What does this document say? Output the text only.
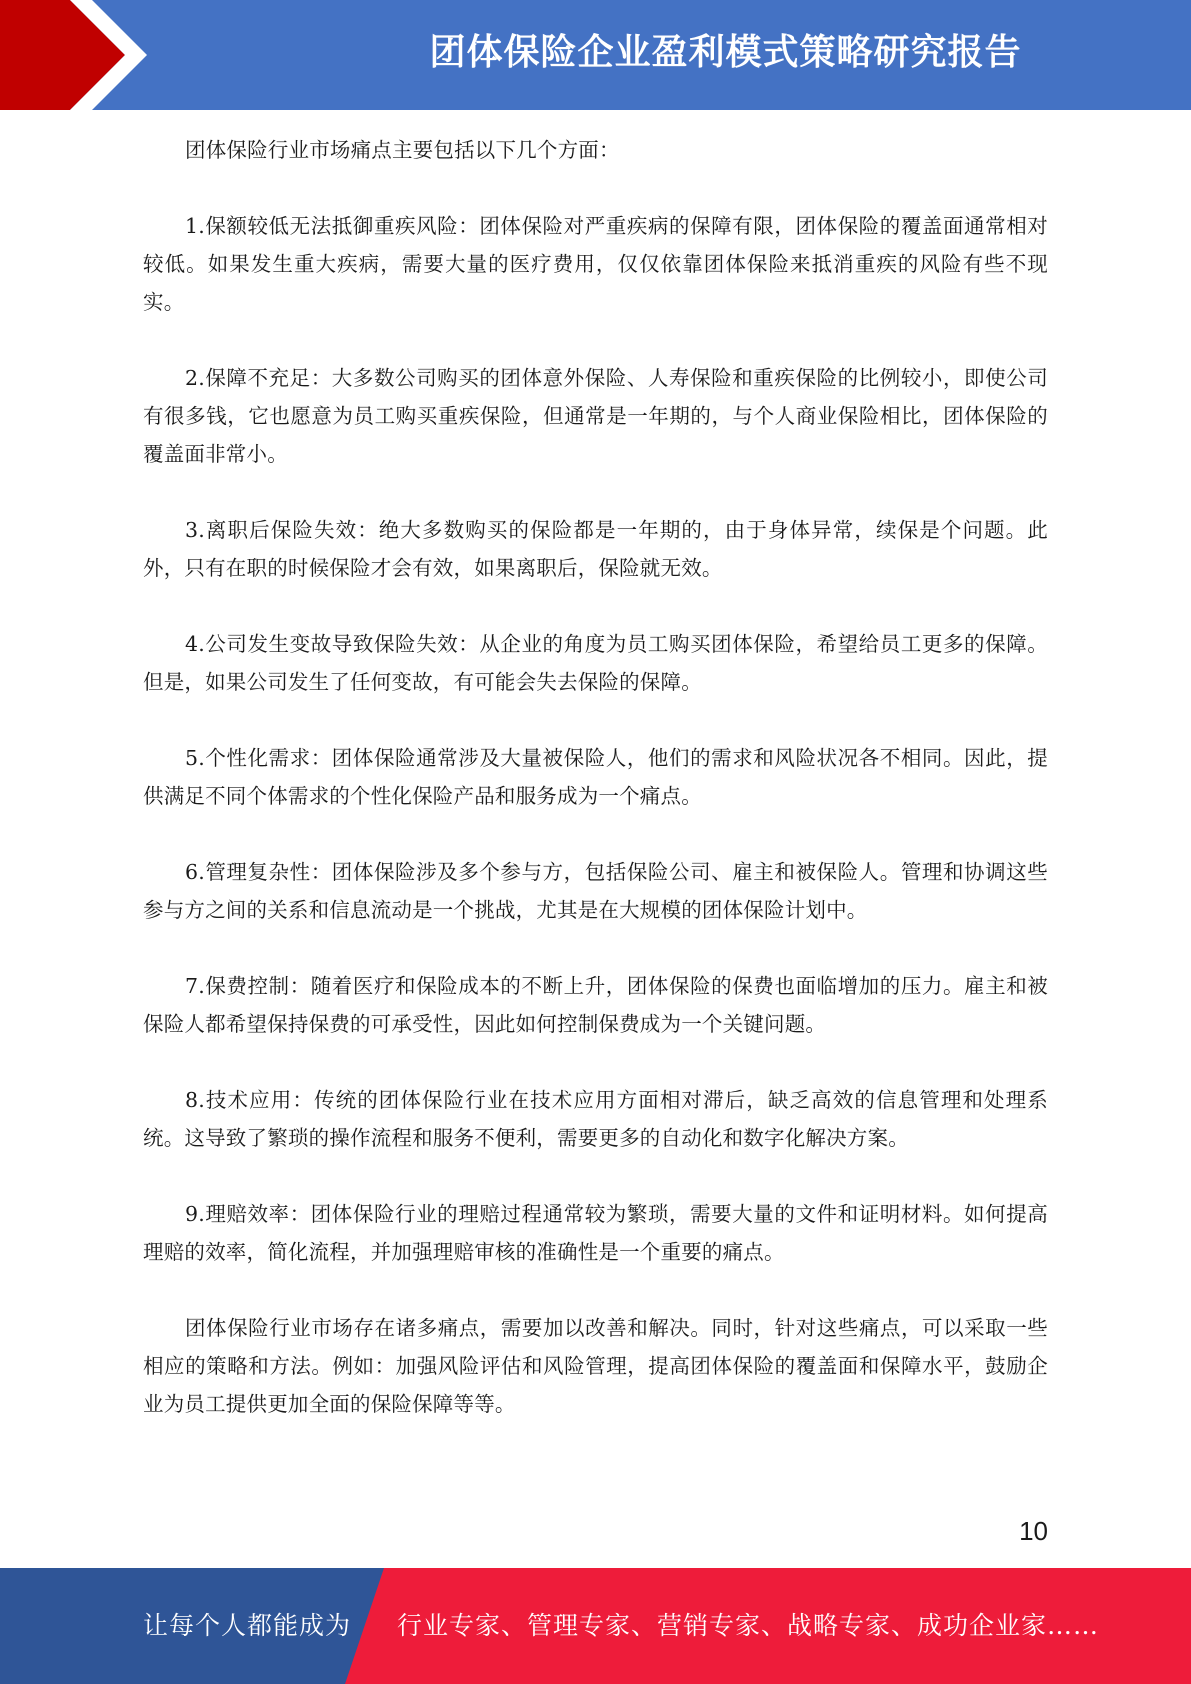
团体保险企业盈利模式策略研究报告

团体保险行业市场痛点主要包括以下几个方面：

1.保额较低无法抵御重疾风险：团体保险对严重疾病的保障有限，团体保险的覆盖面通常相对较低。如果发生重大疾病，需要大量的医疗费用，仅仅依靠团体保险来抵消重疾的风险有些不现实。

2.保障不充足：大多数公司购买的团体意外保险、人寿保险和重疾保险的比例较小，即使公司有很多钱，它也愿意为员工购买重疾保险，但通常是一年期的，与个人商业保险相比，团体保险的覆盖面非常小。

3.离职后保险失效：绝大多数购买的保险都是一年期的，由于身体异常，续保是个问题。此外，只有在职的时候保险才会有效，如果离职后，保险就无效。

4.公司发生变故导致保险失效：从企业的角度为员工购买团体保险，希望给员工更多的保障。但是，如果公司发生了任何变故，有可能会失去保险的保障。

5.个性化需求：团体保险通常涉及大量被保险人，他们的需求和风险状况各不相同。因此，提供满足不同个体需求的个性化保险产品和服务成为一个痛点。

6.管理复杂性：团体保险涉及多个参与方，包括保险公司、雇主和被保险人。管理和协调这些参与方之间的关系和信息流动是一个挑战，尤其是在大规模的团体保险计划中。

7.保费控制：随着医疗和保险成本的不断上升，团体保险的保费也面临增加的压力。雇主和被保险人都希望保持保费的可承受性，因此如何控制保费成为一个关键问题。

8.技术应用：传统的团体保险行业在技术应用方面相对滞后，缺乏高效的信息管理和处理系统。这导致了繁琐的操作流程和服务不便利，需要更多的自动化和数字化解决方案。

9.理赔效率：团体保险行业的理赔过程通常较为繁琐，需要大量的文件和证明材料。如何提高理赔的效率，简化流程，并加强理赔审核的准确性是一个重要的痛点。

团体保险行业市场存在诸多痛点，需要加以改善和解决。同时，针对这些痛点，可以采取一些相应的策略和方法。例如：加强风险评估和风险管理，提高团体保险的覆盖面和保障水平，鼓励企业为员工提供更加全面的保险保障等等。

10
让每个人都能成为 行业专家、管理专家、营销专家、战略专家、成功企业家……
